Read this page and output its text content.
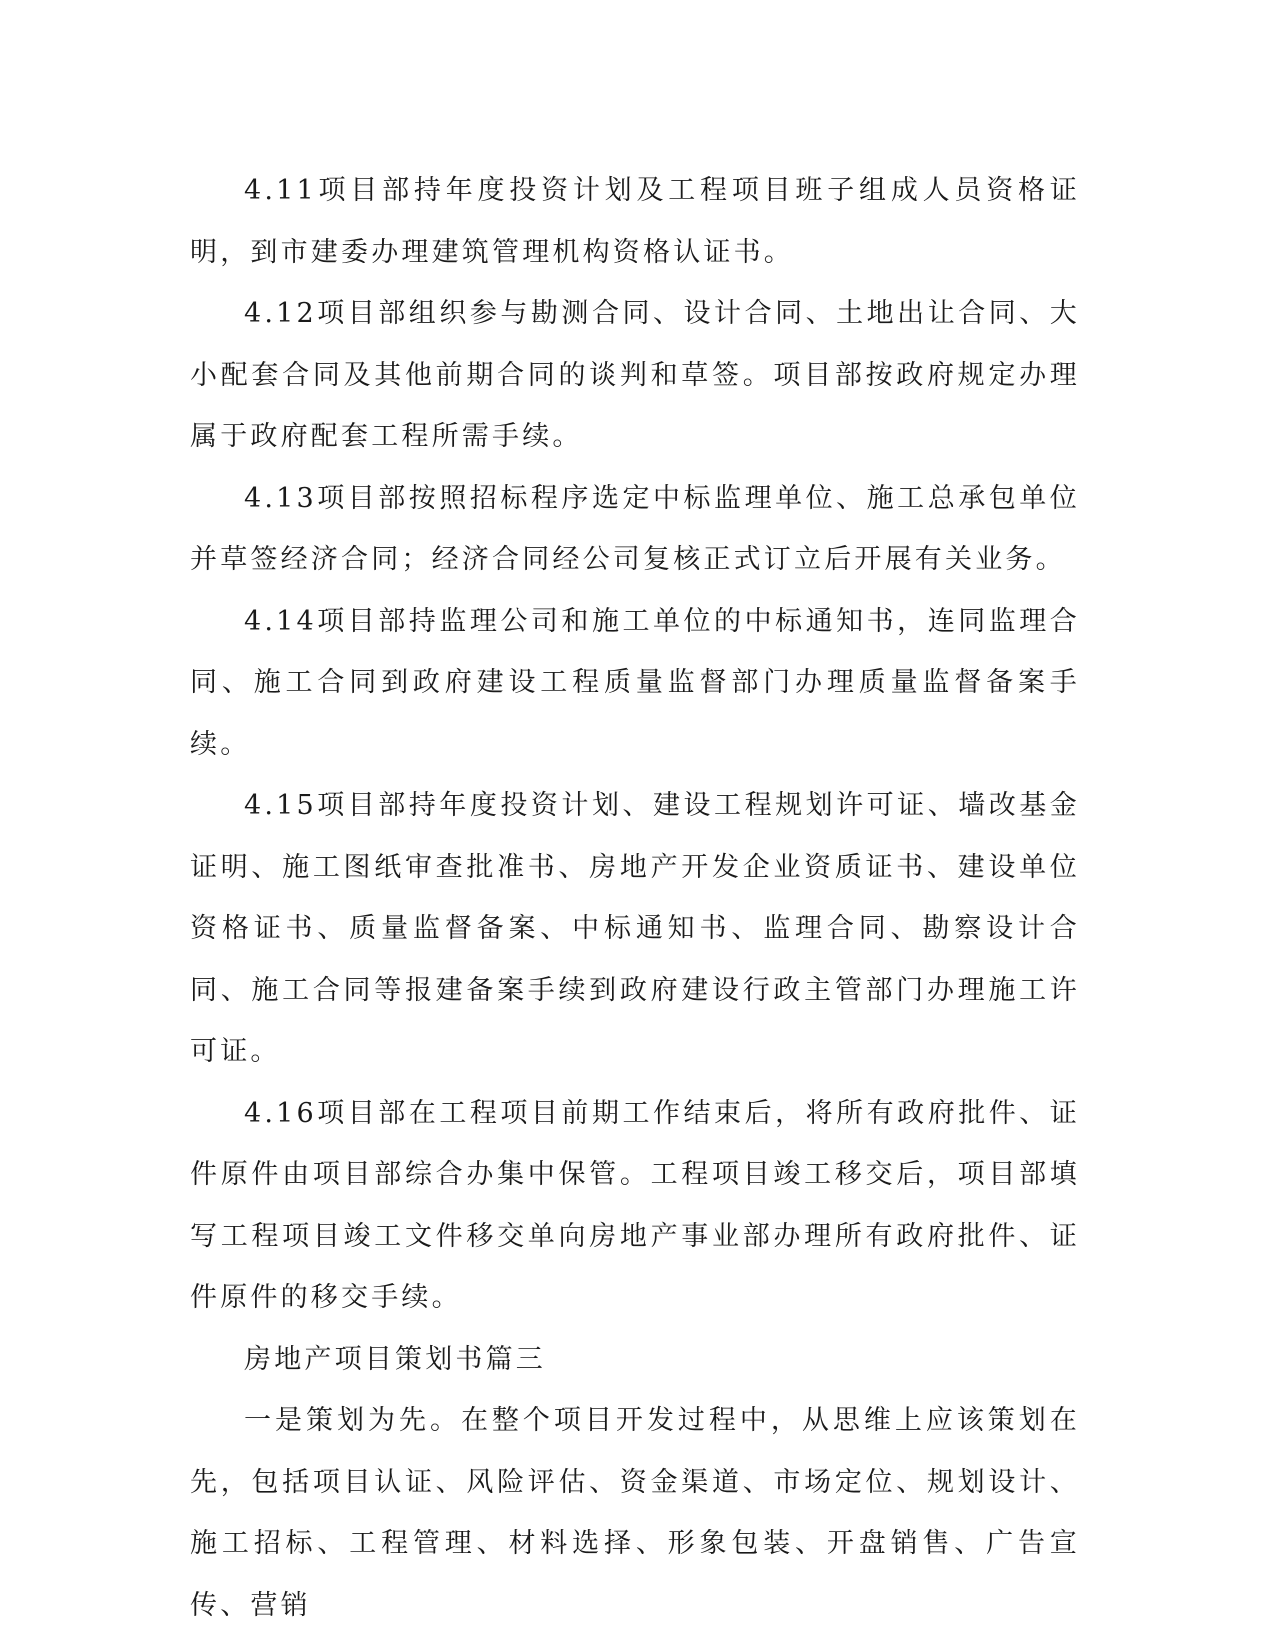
4.11项目部持年度投资计划及工程项目班子组成人员资格证明，到市建委办理建筑管理机构资格认证书。

4.12项目部组织参与勘测合同、设计合同、土地出让合同、大小配套合同及其他前期合同的谈判和草签。项目部按政府规定办理属于政府配套工程所需手续。

4.13项目部按照招标程序选定中标监理单位、施工总承包单位并草签经济合同；经济合同经公司复核正式订立后开展有关业务。

4.14项目部持监理公司和施工单位的中标通知书，连同监理合同、施工合同到政府建设工程质量监督部门办理质量监督备案手续。

4.15项目部持年度投资计划、建设工程规划许可证、墙改基金证明、施工图纸审查批准书、房地产开发企业资质证书、建设单位资格证书、质量监督备案、中标通知书、监理合同、勘察设计合同、施工合同等报建备案手续到政府建设行政主管部门办理施工许可证。

4.16项目部在工程项目前期工作结束后，将所有政府批件、证件原件由项目部综合办集中保管。工程项目竣工移交后，项目部填写工程项目竣工文件移交单向房地产事业部办理所有政府批件、证件原件的移交手续。

房地产项目策划书篇三

一是策划为先。在整个项目开发过程中，从思维上应该策划在先，包括项目认证、风险评估、资金渠道、市场定位、规划设计、施工招标、工程管理、材料选择、形象包装、开盘销售、广告宣传、营销
